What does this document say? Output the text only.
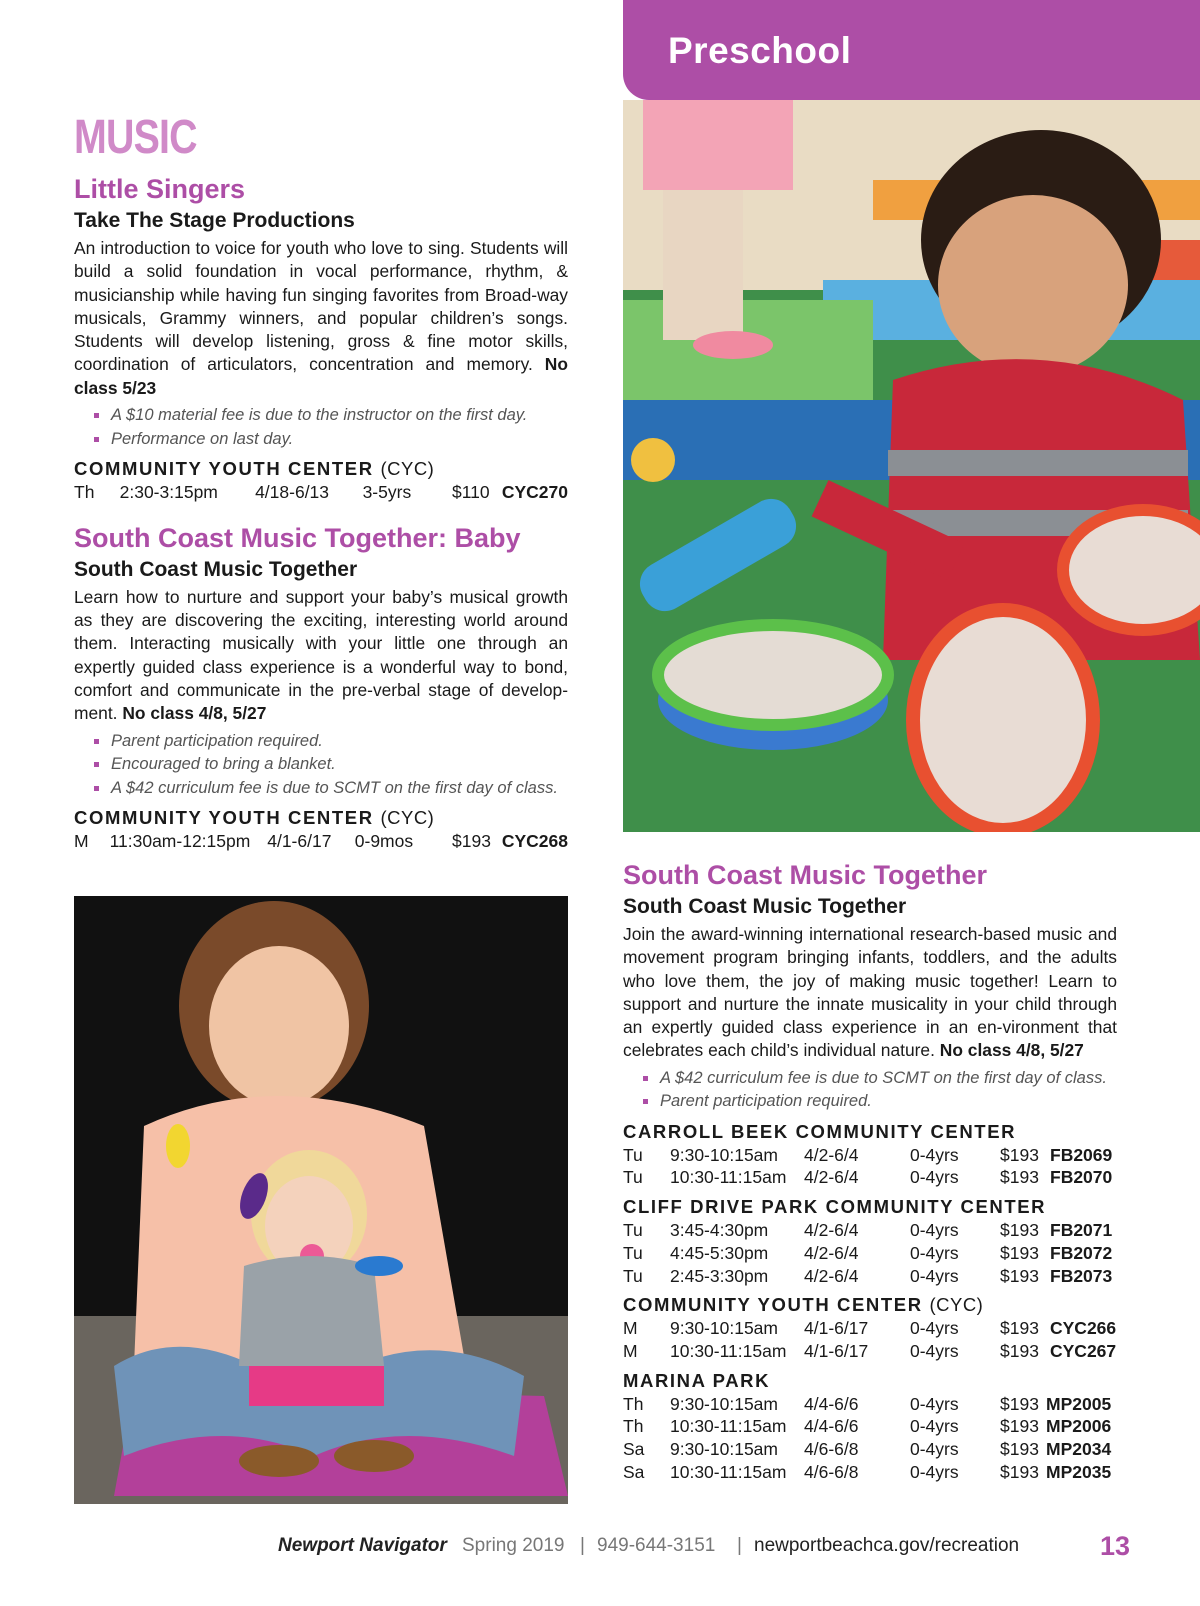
Preschool
MUSIC
Little Singers
Take The Stage Productions

An introduction to voice for youth who love to sing. Students will build a solid foundation in vocal performance, rhythm, & musicianship while having fun singing favorites from Broad-way musicals, Grammy winners, and popular children’s songs. Students will develop listening, gross & fine motor skills, coordination of articulators, concentration and memory. No class 5/23

A $10 material fee is due to the instructor on the first day.
Performance on last day.
COMMUNITY YOUTH CENTER (CYC)
Th	2:30-3:15pm	4/18-6/13	3-5yrs	$110	CYC270
South Coast Music Together: Baby
South Coast Music Together

Learn how to nurture and support your baby’s musical growth as they are discovering the exciting, interesting world around them. Interacting musically with your little one through an expertly guided class experience is a wonderful way to bond, comfort and communicate in the pre-verbal stage of develop-ment. No class 4/8, 5/27

Parent participation required.
Encouraged to bring a blanket.
A $42 curriculum fee is due to SCMT on the first day of class.
COMMUNITY YOUTH CENTER (CYC)
M	11:30am-12:15pm	4/1-6/17	0-9mos	$193	CYC268
South Coast Music Together
South Coast Music Together

Join the award-winning international research-based music and movement program bringing infants, toddlers, and the adults who love them, the joy of making music together! Learn to support and nurture the innate musicality in your child through an expertly guided class experience in an en-vironment that celebrates each child’s individual nature. No class 4/8, 5/27

A $42 curriculum fee is due to SCMT on the first day of class.
Parent participation required.
CARROLL BEEK COMMUNITY CENTER
Tu	9:30-10:15am	4/2-6/4	0-4yrs	$193	FB2069
Tu	10:30-11:15am	4/2-6/4	0-4yrs	$193	FB2070
CLIFF DRIVE PARK COMMUNITY CENTER
Tu	3:45-4:30pm	4/2-6/4	0-4yrs	$193	FB2071
Tu	4:45-5:30pm	4/2-6/4	0-4yrs	$193	FB2072
Tu	2:45-3:30pm	4/2-6/4	0-4yrs	$193	FB2073
COMMUNITY YOUTH CENTER (CYC)
M	9:30-10:15am	4/1-6/17	0-4yrs	$193	CYC266
M	10:30-11:15am	4/1-6/17	0-4yrs	$193	CYC267
MARINA PARK
Th	9:30-10:15am	4/4-6/6	0-4yrs	$193	MP2005
Th	10:30-11:15am	4/4-6/6	0-4yrs	$193	MP2006
Sa	9:30-10:15am	4/6-6/8	0-4yrs	$193	MP2034
Sa	10:30-11:15am	4/6-6/8	0-4yrs	$193	MP2035
Newport Navigator Spring 2019 | 949-644-3151 | newportbeachca.gov/recreation	13
